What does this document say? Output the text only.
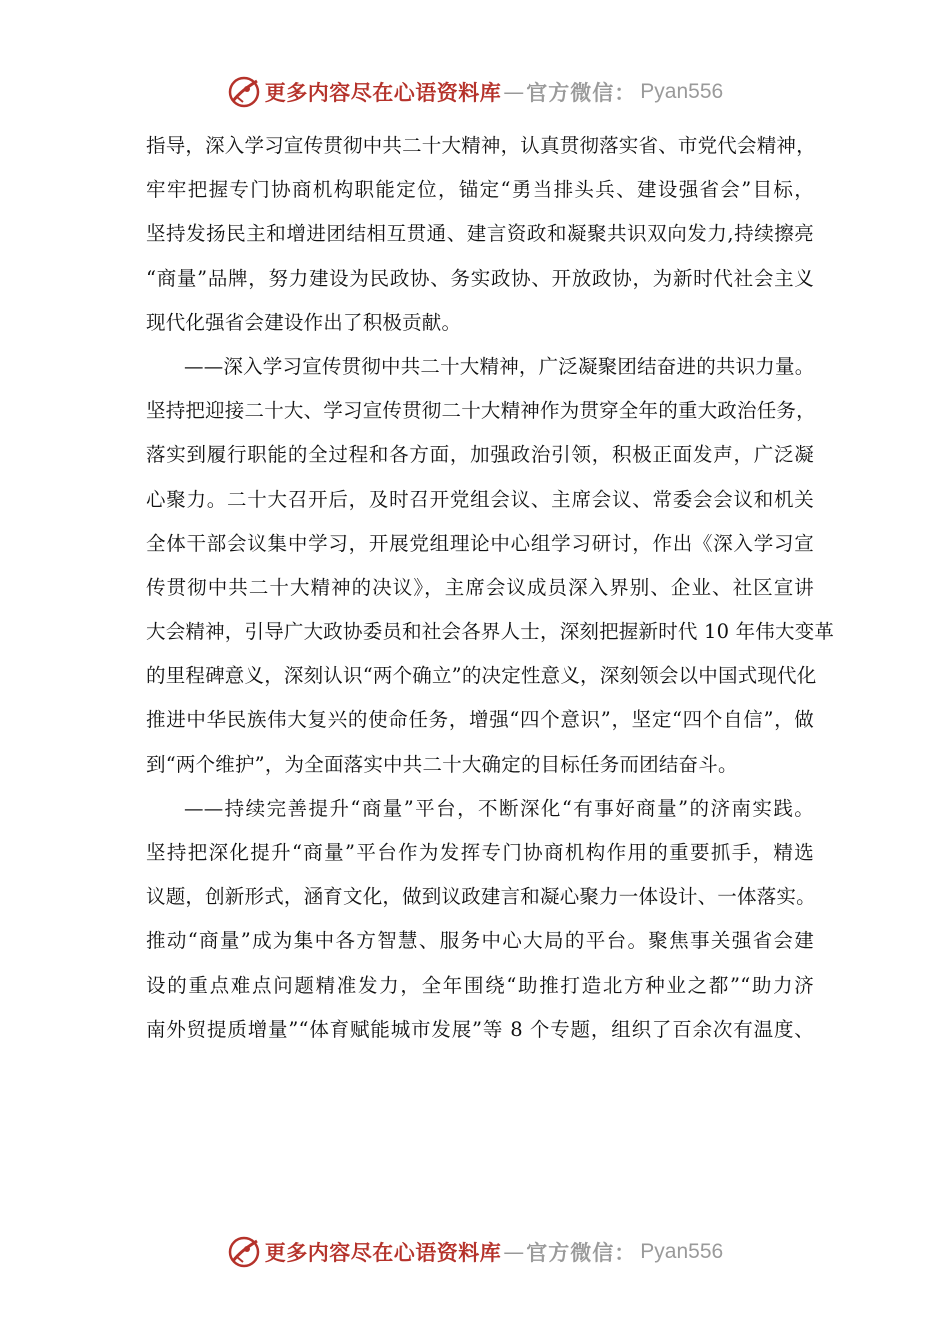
更多内容尽在心语资料库 — 官方微信： Pyan556
指导，深入学习宣传贯彻中共二十大精神，认真贯彻落实省、市党代会精神，
牢牢把握专门协商机构职能定位，锚定“勇当排头兵、建设强省会”目标，
坚持发扬民主和增进团结相互贯通、建言资政和凝聚共识双向发力,持续擦亮
“商量”品牌，努力建设为民政协、务实政协、开放政协，为新时代社会主义
现代化强省会建设作出了积极贡献。
——深入学习宣传贯彻中共二十大精神，广泛凝聚团结奋进的共识力量。
坚持把迎接二十大、学习宣传贯彻二十大精神作为贯穿全年的重大政治任务，
落实到履行职能的全过程和各方面，加强政治引领，积极正面发声，广泛凝
心聚力。二十大召开后，及时召开党组会议、主席会议、常委会会议和机关
全体干部会议集中学习，开展党组理论中心组学习研讨，作出《深入学习宣
传贯彻中共二十大精神的决议》，主席会议成员深入界别、企业、社区宣讲
大会精神，引导广大政协委员和社会各界人士，深刻把握新时代 10 年伟大变革
的里程碑意义，深刻认识“两个确立”的决定性意义，深刻领会以中国式现代化
推进中华民族伟大复兴的使命任务，增强“四个意识”，坚定“四个自信”，做
到“两个维护”，为全面落实中共二十大确定的目标任务而团结奋斗。
——持续完善提升“商量”平台，不断深化“有事好商量”的济南实践。
坚持把深化提升“商量”平台作为发挥专门协商机构作用的重要抓手，精选
议题，创新形式，涵育文化，做到议政建言和凝心聚力一体设计、一体落实。
推动“商量”成为集中各方智慧、服务中心大局的平台。聚焦事关强省会建
设的重点难点问题精准发力，全年围绕“助推打造北方种业之都”“助力济
南外贸提质增量”“体育赋能城市发展”等 8 个专题，组织了百余次有温度、
更多内容尽在心语资料库 — 官方微信： Pyan556
